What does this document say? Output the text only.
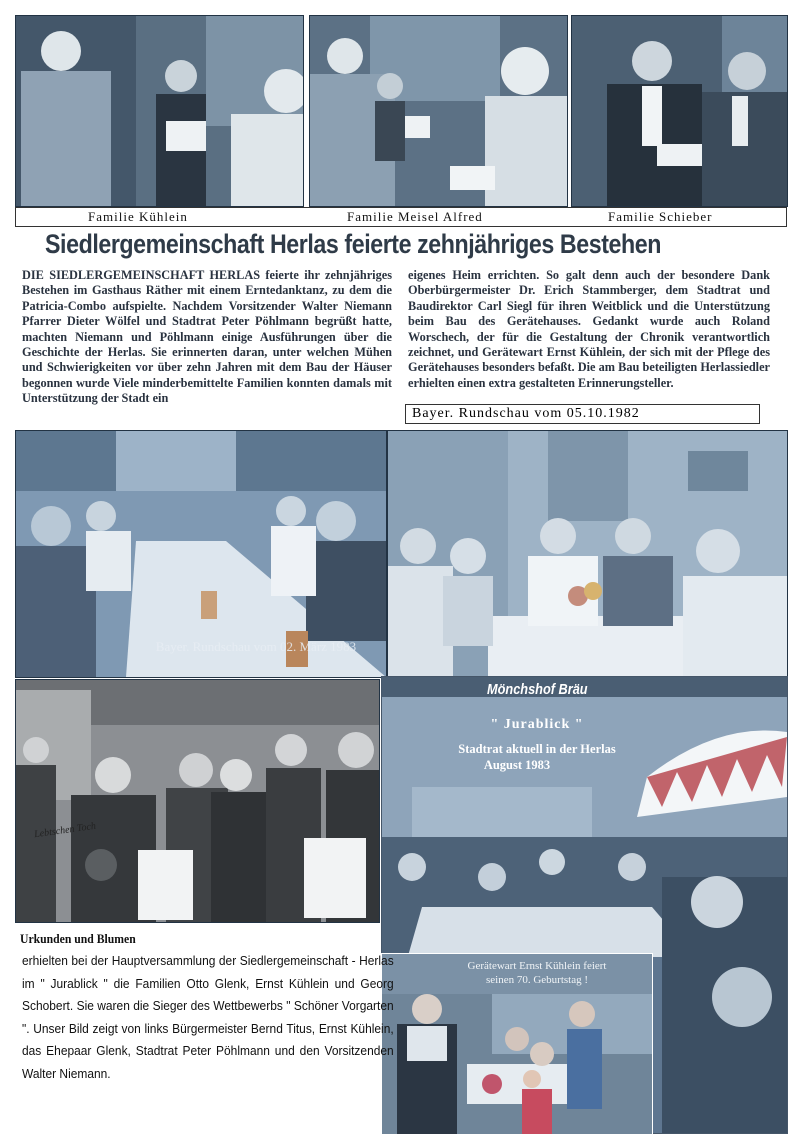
Familie Kühlein	Familie Meisel Alfred	Familie Schieber
Siedlergemeinschaft Herlas feierte zehnjähriges Bestehen
DIE SIEDLERGEMEINSCHAFT HERLAS feierte ihr zehnjähriges Bestehen im Gasthaus Räther mit einem Erntedanktanz, zu dem die Patricia-Combo aufspielte. Nachdem Vorsitzender Walter Niemann Pfarrer Dieter Wölfel und Stadtrat Peter Pöhlmann begrüßt hatte, machten Niemann und Pöhlmann einige Ausführungen über die Geschichte der Herlas. Sie erinnerten daran, unter welchen Mühen und Schwierigkeiten vor über zehn Jahren mit dem Bau der Häuser begonnen wurde Viele minderbemittelte Familien konnten damals mit Unterstützung der Stadt ein
eigenes Heim errichten. So galt denn auch der besondere Dank Oberbürgermeister Dr. Erich Stammberger, dem Stadtrat und Baudirektor Carl Siegl für ihren Weitblick und die Unterstützung beim Bau des Gerätehauses. Gedankt wurde auch Roland Worschech, der für die Gestaltung der Chronik verantwortlich zeichnet, und Gerätewart Ernst Kühlein, der sich mit der Pflege des Gerätehauses besonders befaßt. Die am Bau beteiligten Herlassiedler erhielten einen extra gestalteten Erinnerungsteller.
Bayer. Rundschau vom 05.10.1982
Bayer. Rundschau vom 02. März 1983
Lebtschen Toch
Mönchshof Bräu
" Jurablick "
Stadtrat aktuell in der Herlas
August 1983
Gerätewart Ernst Kühlein feiert
seinen 70. Geburtstag !
Urkunden und Blumen
erhielten bei der Hauptversammlung der Siedlergemeinschaft - Herlas im " Jurablick " die Familien Otto Glenk, Ernst Kühlein und Georg Schobert. Sie waren die Sieger des Wettbewerbs " Schöner Vorgarten ". Unser Bild zeigt von links Bürgermeister Bernd Titus, Ernst Kühlein, das Ehepaar Glenk, Stadtrat Peter Pöhlmann und den Vorsitzenden Walter Niemann.
